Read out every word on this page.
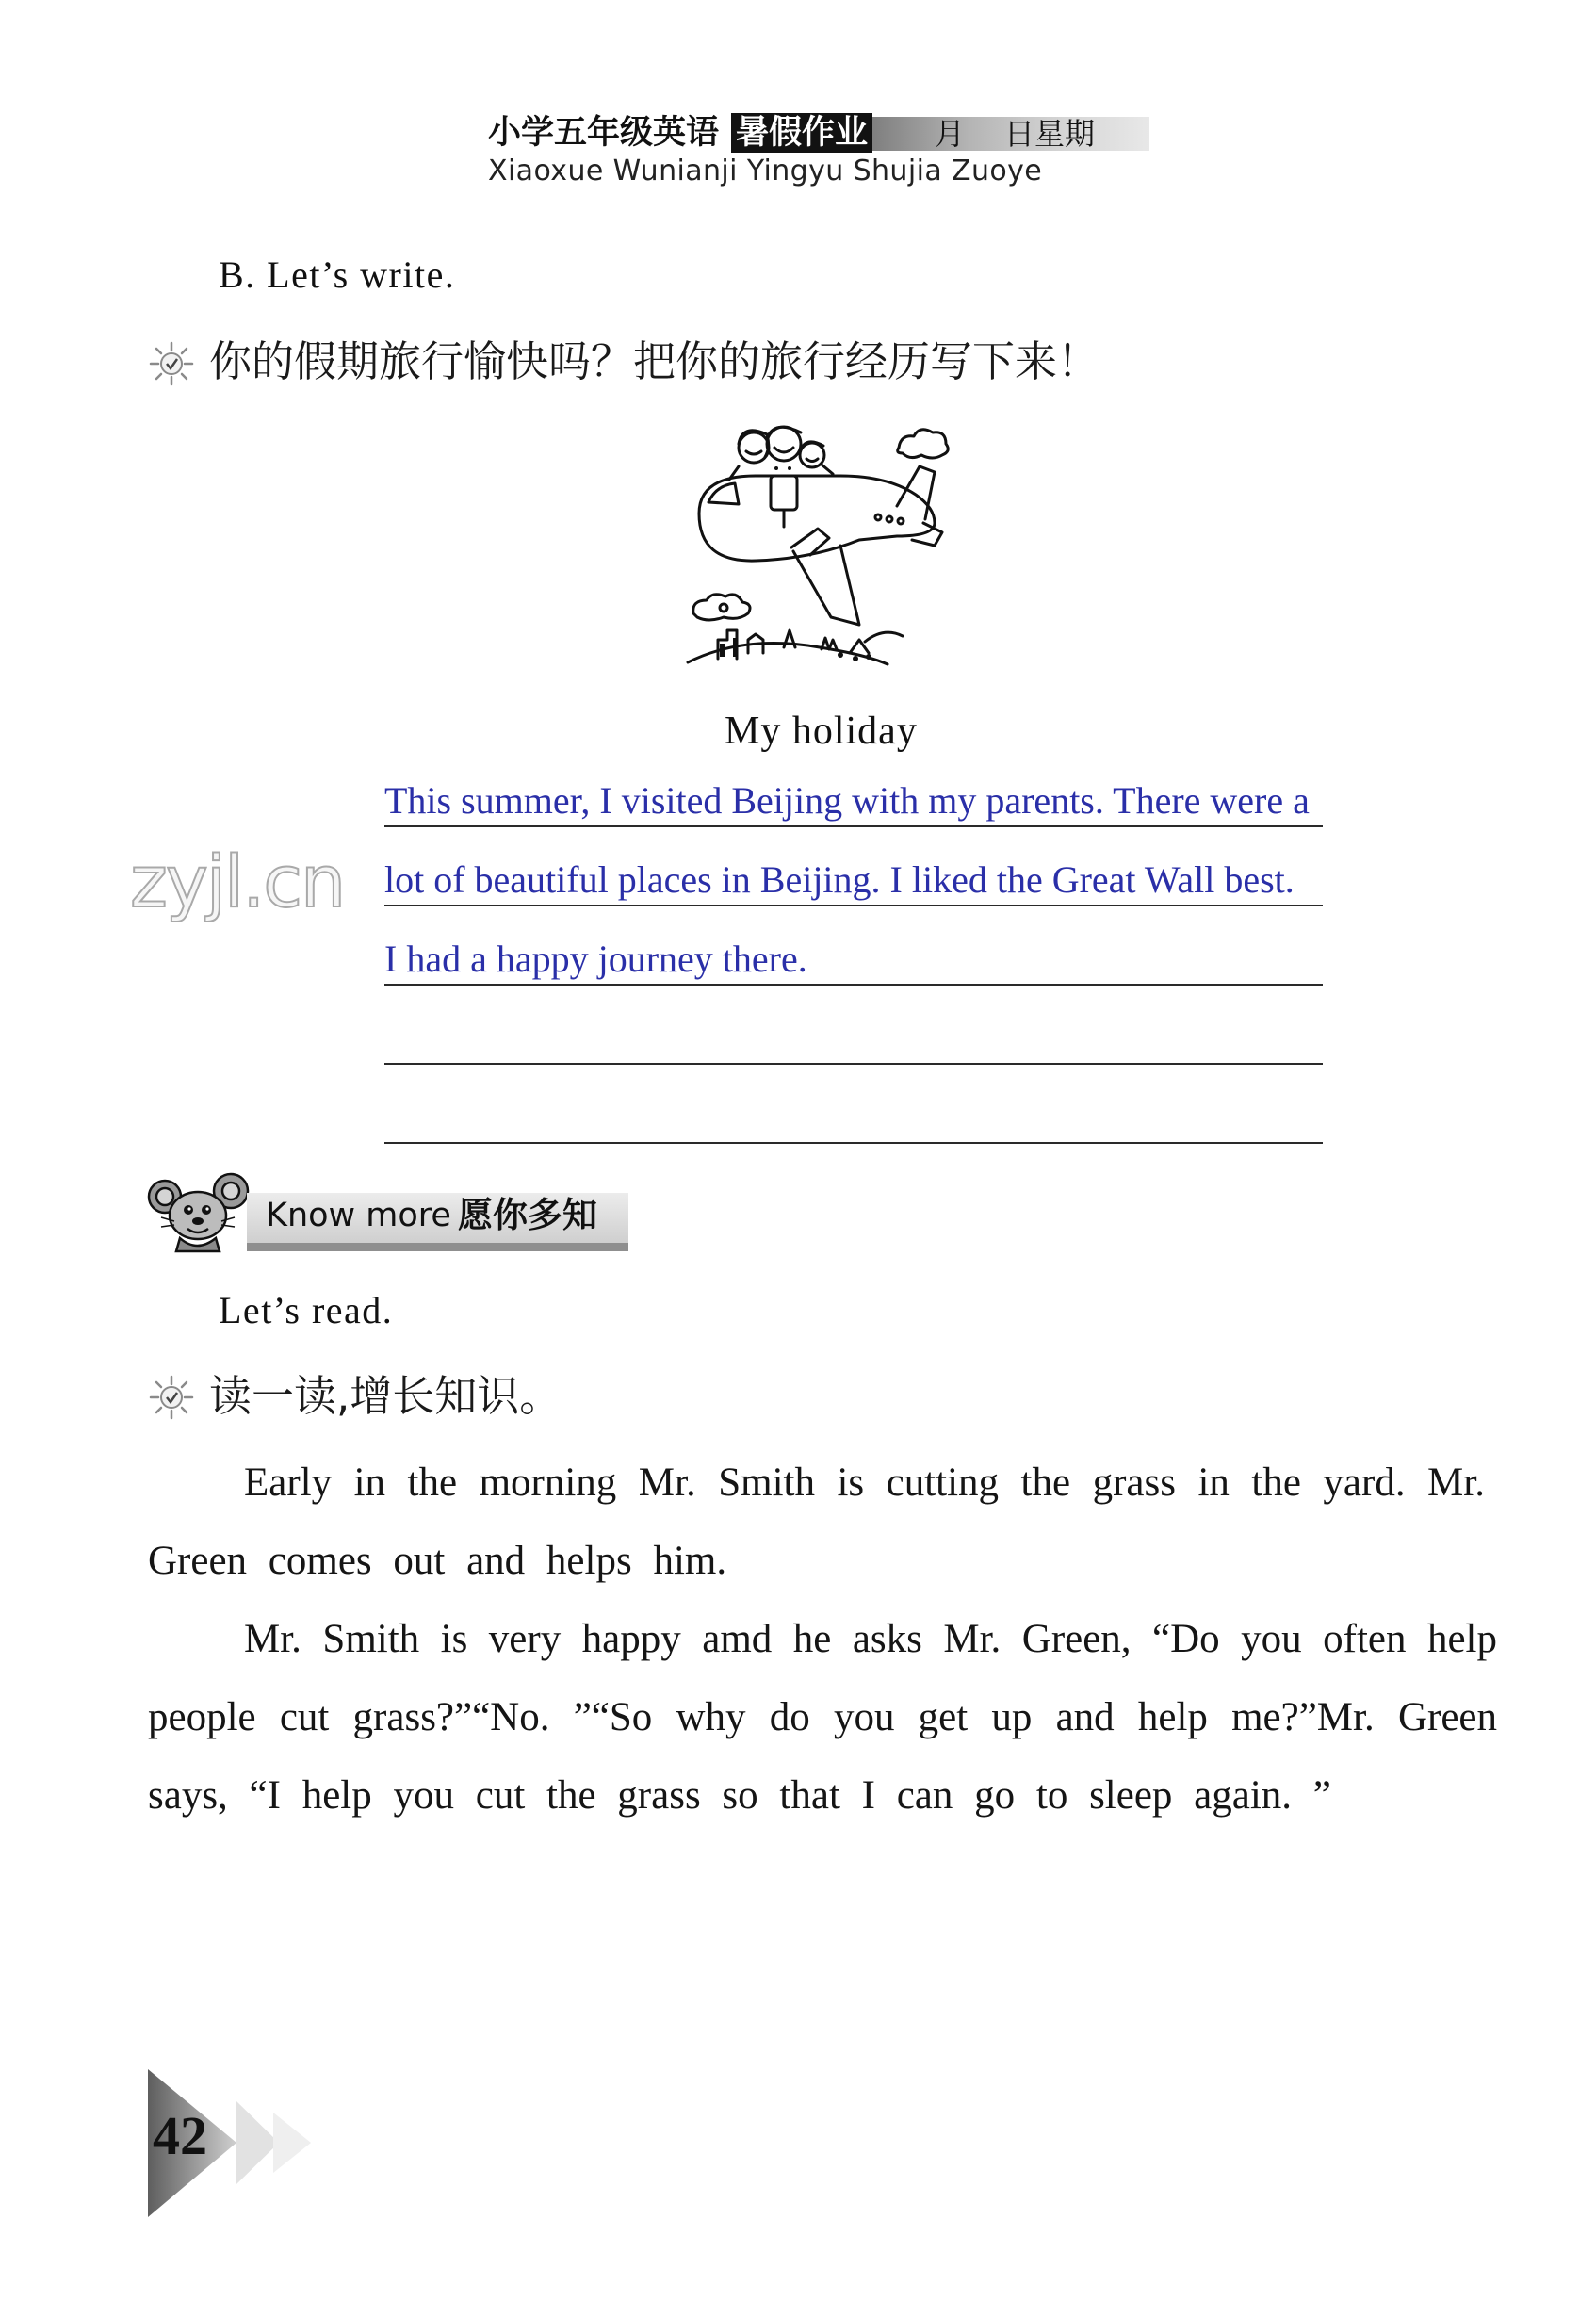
小学五年级英语 暑假作业 月 日星期
Xiaoxue Wunianji Yingyu Shujia Zuoye
B. Let’s write.
你的假期旅行愉快吗？把你的旅行经历写下来！
My holiday
zyjl.cn
This summer, I visited Beijing with my parents. There were a
lot of beautiful places in Beijing. I liked the Great Wall best.
I had a happy journey there.
Know more 愿你多知
Let’s read.
读一读,增长知识。
Early in the morning Mr. Smith is cutting the grass in the yard. Mr.
Green comes out and helps him.
Mr. Smith is very happy amd he asks Mr. Green, “Do you often help
people cut grass?”“No. ”“So why do you get up and help me?”Mr. Green
says, “I help you cut the grass so that I can go to sleep again. ”
42
